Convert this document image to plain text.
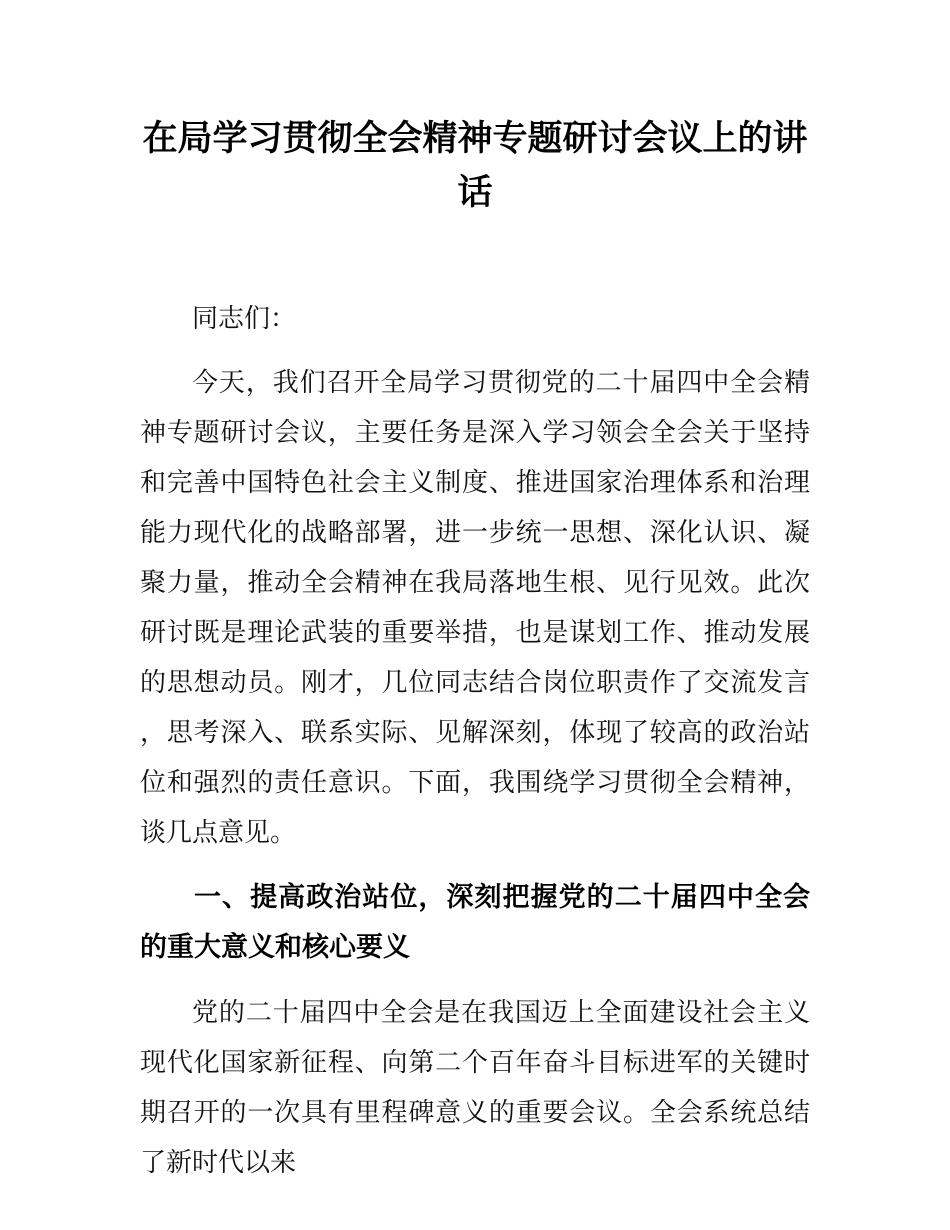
在局学习贯彻全会精神专题研讨会议上的讲话

同志们：

今天，我们召开全局学习贯彻党的二十届四中全会精神专题研讨会议，主要任务是深入学习领会全会关于坚持和完善中国特色社会主义制度、推进国家治理体系和治理能力现代化的战略部署，进一步统一思想、深化认识、凝聚力量，推动全会精神在我局落地生根、见行见效。此次研讨既是理论武装的重要举措，也是谋划工作、推动发展的思想动员。刚才，几位同志结合岗位职责作了交流发言，思考深入、联系实际、见解深刻，体现了较高的政治站位和强烈的责任意识。下面，我围绕学习贯彻全会精神，谈几点意见。

一、提高政治站位，深刻把握党的二十届四中全会的重大意义和核心要义

党的二十届四中全会是在我国迈上全面建设社会主义现代化国家新征程、向第二个百年奋斗目标进军的关键时期召开的一次具有里程碑意义的重要会议。全会系统总结了新时代以来
